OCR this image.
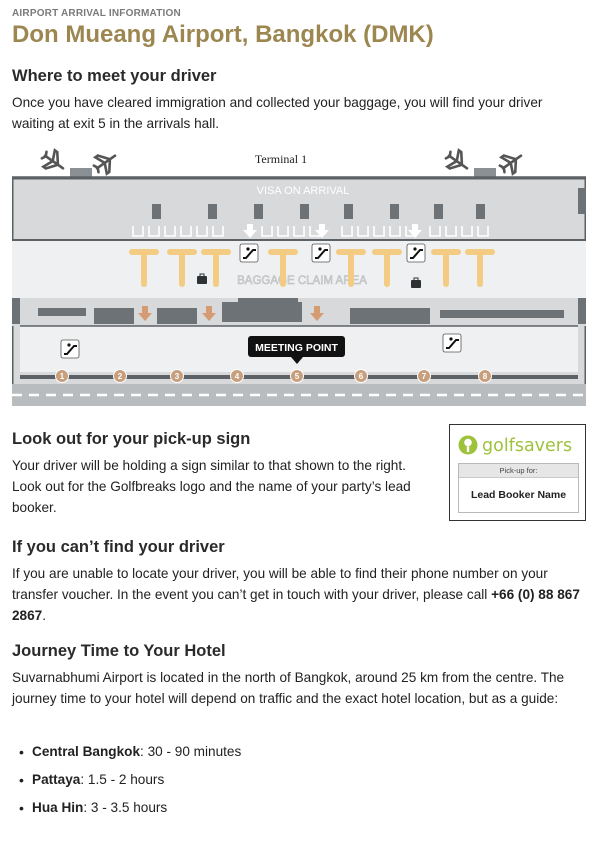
AIRPORT ARRIVAL INFORMATION
Don Mueang Airport, Bangkok (DMK)
Where to meet your driver

Once you have cleared immigration and collected your baggage, you will find your driver waiting at exit 5 in the arrivals hall.

Terminal 1
VISA ON ARRIVAL
BAGGAGE CLAIM AREA
MEETING POINT
1	2	3	4	5	6	7	8
Look out for your pick-up sign

Your driver will be holding a sign similar to that shown to the right. Look out for the Golfbreaks logo and the name of your party’s lead booker.

golfsavers
Pick-up for:
Lead Booker Name
If you can’t find your driver

If you are unable to locate your driver, you will be able to find their phone number on your transfer voucher. In the event you can’t get in touch with your driver, please call +66 (0) 88 867 2867.

Journey Time to Your Hotel

Suvarnabhumi Airport is located in the north of Bangkok, around 25 km from the centre. The journey time to your hotel will depend on traffic and the exact hotel location, but as a guide:

• Central Bangkok: 30 - 90 minutes
• Pattaya: 1.5 - 2 hours
• Hua Hin: 3 - 3.5 hours
